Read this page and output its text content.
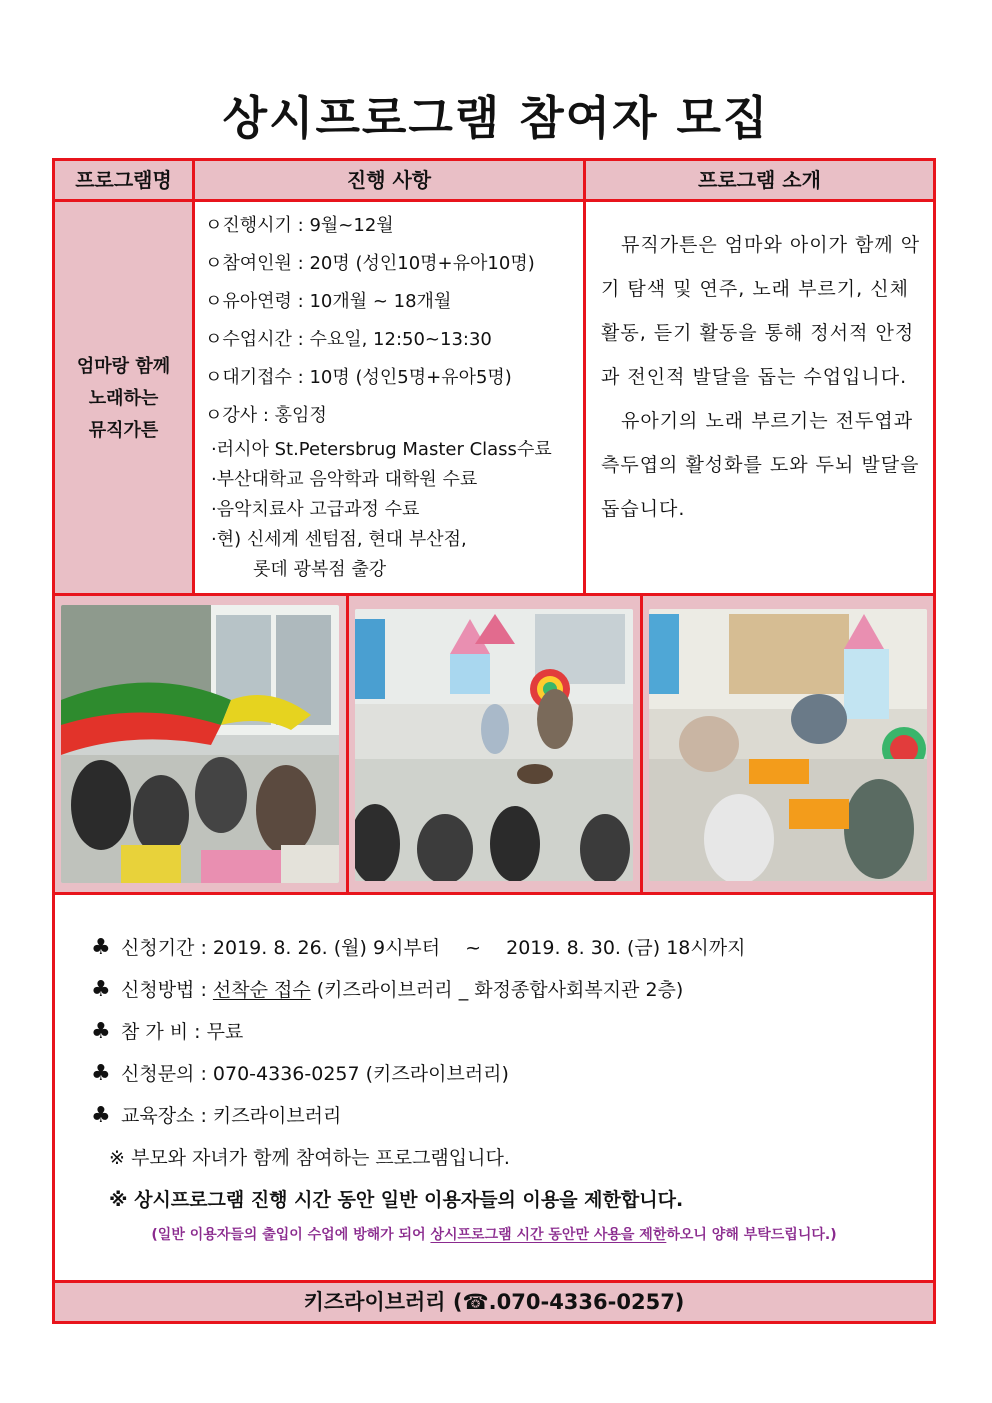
상시프로그램 참여자 모집
프로그램명	진행 사항	프로그램 소개
엄마랑 함께
노래하는
뮤직가튼
ㅇ진행시기 : 9월~12월
ㅇ참여인원 : 20명 (성인10명+유아10명)
ㅇ유아연령 : 10개월 ~ 18개월
ㅇ수업시간 : 수요일, 12:50~13:30
ㅇ대기접수 : 10명 (성인5명+유아5명)
ㅇ강사 : 홍임정
·러시아 St.Petersbrug Master Class수료
·부산대학교 음악학과 대학원 수료
·음악치료사 고급과정 수료
·현) 신세계 센텀점, 현대 부산점,
롯데 광복점 출강

　뮤직가튼은 엄마와 아이가 함께 악기 탐색 및 연주, 노래 부르기, 신체활동, 듣기 활동을 통해 정서적 안정과 전인적 발달을 돕는 수업입니다.

　유아기의 노래 부르기는 전두엽과 측두엽의 활성화를 도와 두뇌 발달을 돕습니다.

♣ 신청기간 : 2019. 8. 26. (월) 9시부터　 ~ 　2019. 8. 30. (금) 18시까지
♣ 신청방법 : 선착순 접수 (키즈라이브러리 _ 화정종합사회복지관 2층)
♣ 참 가 비 : 무료
♣ 신청문의 : 070-4336-0257 (키즈라이브러리)
♣ 교육장소 : 키즈라이브러리
※ 부모와 자녀가 함께 참여하는 프로그램입니다.
※ 상시프로그램 진행 시간 동안 일반 이용자들의 이용을 제한합니다.
(일반 이용자들의 출입이 수업에 방해가 되어 상시프로그램 시간 동안만 사용을 제한하오니 양해 부탁드립니다.)
키즈라이브러리 (☎.070-4336-0257)
